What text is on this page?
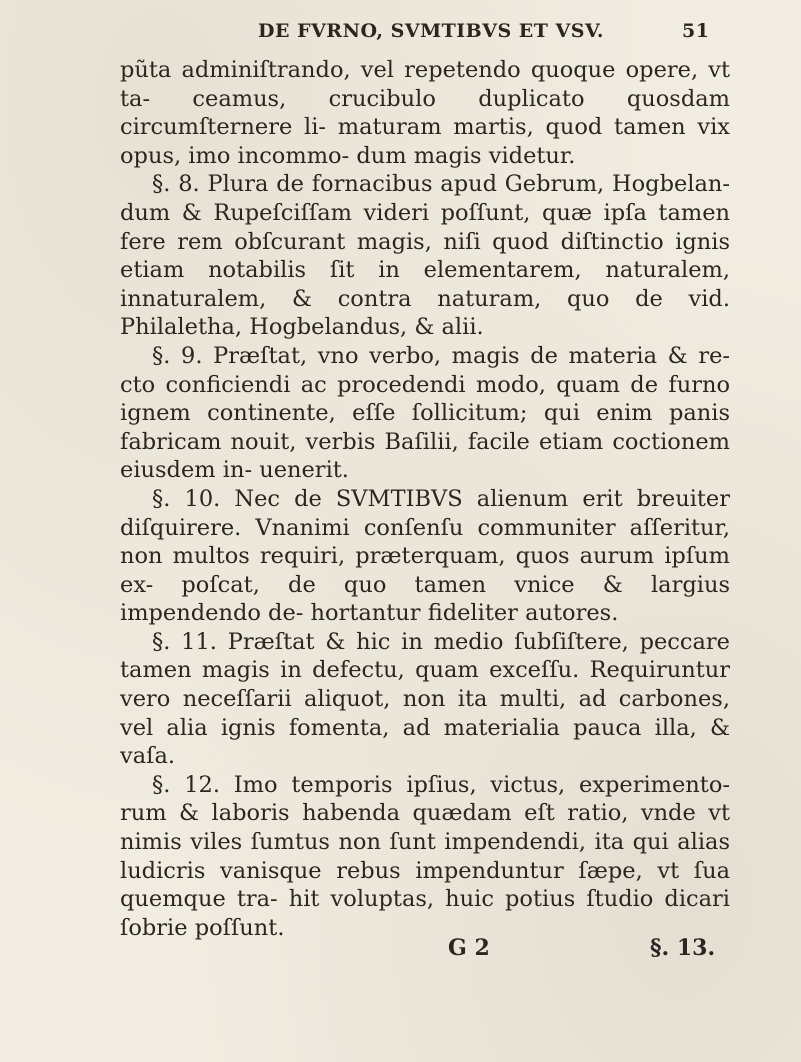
DE FVRNO, SVMTIBVS ET VSV.	51

pũta adminiſtrando, vel repetendo quoque opere, vt ta- ceamus, crucibulo duplicato quosdam circumſternere li- maturam martis, quod tamen vix opus, imo incommo- dum magis videtur.

§. 8. Plura de fornacibus apud Gebrum, Hogbelan- dum & Rupeſciſſam videri poſſunt, quæ ipſa tamen fere rem obſcurant magis, niſi quod diſtinctio ignis etiam notabilis ſit in elementarem, naturalem, innaturalem, & contra naturam, quo de vid. Philaletha, Hogbelandus, & alii.

§. 9. Præſtat, vno verbo, magis de materia & re- cto conficiendi ac procedendi modo, quam de furno ignem continente, eſſe ſollicitum; qui enim panis fabricam nouit, verbis Baſilii, facile etiam coctionem eiusdem in- uenerit.

§. 10. Nec de SVMTIBVS alienum erit breuiter diſquirere. Vnanimi conſenſu communiter aſſeritur, non multos requiri, præterquam, quos aurum ipſum ex- poſcat, de quo tamen vnice & largius impendendo de- hortantur fideliter autores.

§. 11. Præſtat & hic in medio ſubſiſtere, peccare tamen magis in defectu, quam exceſſu. Requiruntur vero neceſſarii aliquot, non ita multi, ad carbones, vel alia ignis fomenta, ad materialia pauca illa, & vaſa.

§. 12. Imo temporis ipſius, victus, experimento- rum & laboris habenda quædam eſt ratio, vnde vt nimis viles ſumtus non ſunt impendendi, ita qui alias ludicris vanisque rebus impenduntur ſæpe, vt ſua quemque tra- hit voluptas, huic potius ſtudio dicari ſobrie poſſunt.

G 2	§. 13.
